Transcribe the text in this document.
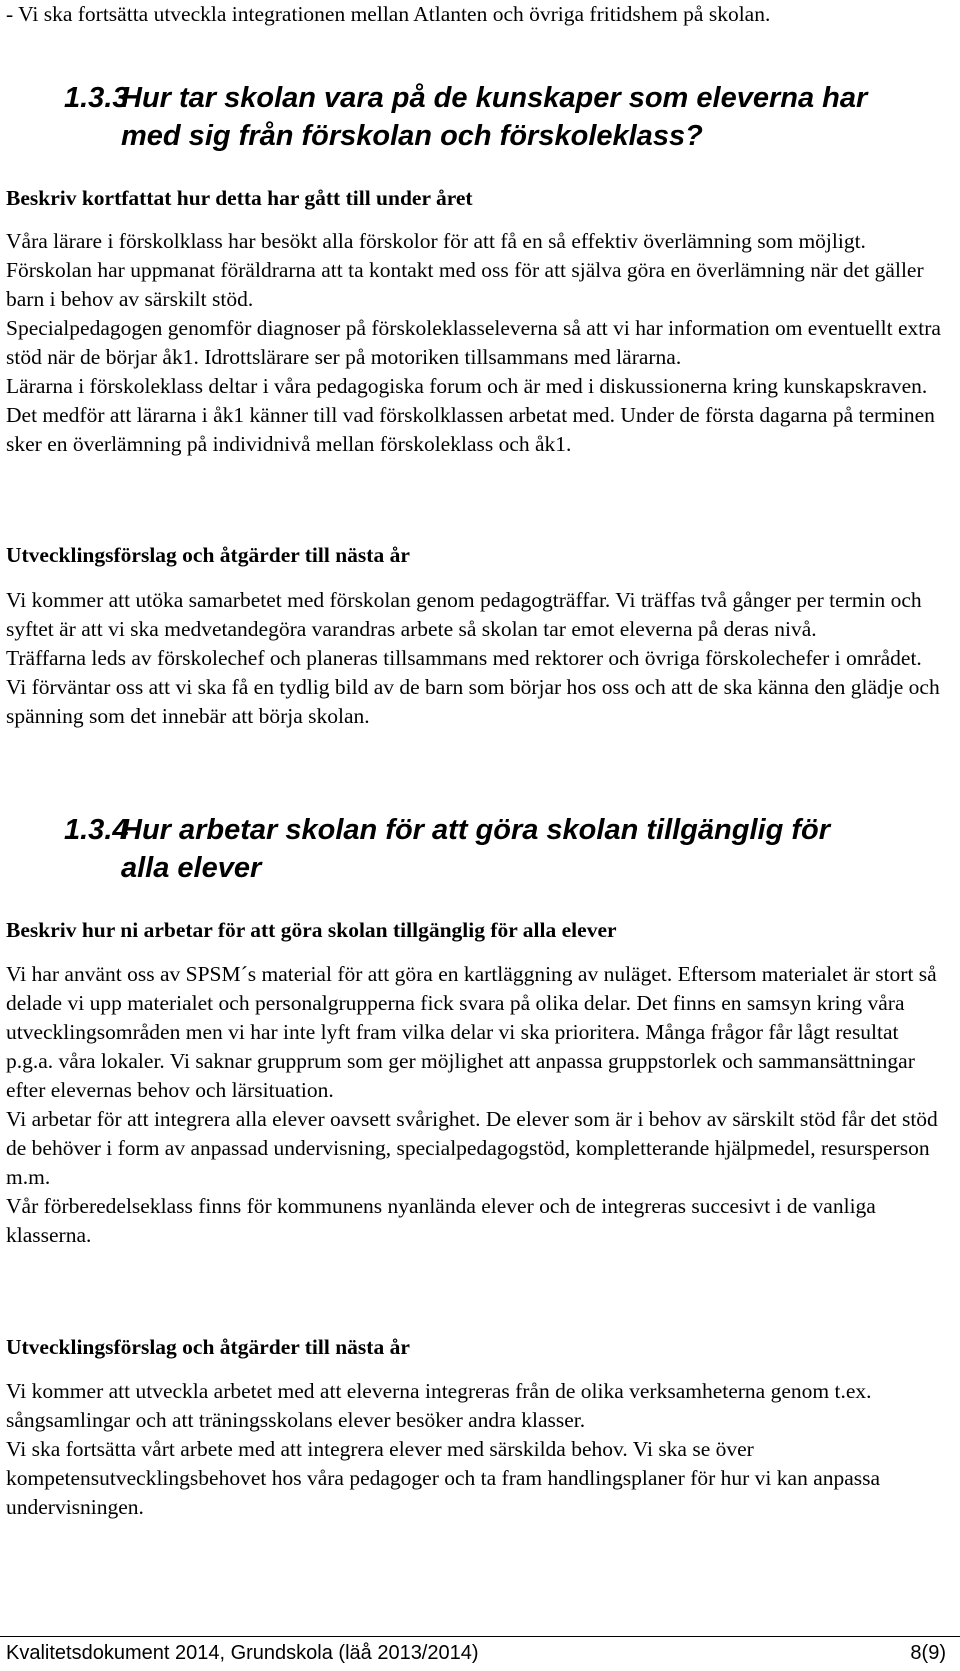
- Vi ska fortsätta utveckla integrationen mellan Atlanten och övriga fritidshem på skolan.

1.3.3
Hur tar skolan vara på de kunskaper som eleverna har med sig från förskolan och förskoleklass?

Beskriv kortfattat hur detta har gått till under året

Våra lärare i förskolklass har besökt alla förskolor för att få en så effektiv överlämning som möjligt. Förskolan har uppmanat föräldrarna att ta kontakt med oss för att själva göra en överlämning när det gäller barn i behov av särskilt stöd.

Specialpedagogen genomför diagnoser på förskoleklasseleverna så att vi har information om eventuellt extra stöd när de börjar åk1. Idrottslärare ser på motoriken tillsammans med lärarna.

Lärarna i förskoleklass deltar i våra pedagogiska forum och är med i diskussionerna kring kunskapskraven. Det medför att lärarna i åk1 känner till vad förskolklassen arbetat med. Under de första dagarna på terminen sker en överlämning på individnivå mellan förskoleklass och åk1.

Utvecklingsförslag och åtgärder till nästa år

Vi kommer att utöka samarbetet med förskolan genom pedagogträffar. Vi träffas två gånger per termin och syftet är att vi ska medvetandegöra varandras arbete så skolan tar emot eleverna på deras nivå.

Träffarna leds av förskolechef och planeras tillsammans med rektorer och övriga förskolechefer i området.

Vi förväntar oss att vi ska få en tydlig bild av de barn som börjar hos oss och att de ska känna den glädje och spänning som det innebär att börja skolan.

1.3.4
Hur arbetar skolan för att göra skolan tillgänglig för alla elever

Beskriv hur ni arbetar för att göra skolan tillgänglig för alla elever

Vi har använt oss av SPSM´s material för att göra en kartläggning av nuläget. Eftersom materialet är stort så delade vi upp materialet och personalgrupperna fick svara på olika delar. Det finns en samsyn kring våra utvecklingsområden men vi har inte lyft fram vilka delar vi ska prioritera. Många frågor får lågt resultat p.g.a. våra lokaler. Vi saknar grupprum som ger möjlighet att anpassa gruppstorlek och sammansättningar efter elevernas behov och lärsituation.

Vi arbetar för att integrera alla elever oavsett svårighet. De elever som är i behov av särskilt stöd får det stöd de behöver i form av anpassad undervisning, specialpedagogstöd, kompletterande hjälpmedel, resursperson m.m.

Vår förberedelseklass finns för kommunens nyanlända elever och de integreras succesivt i de vanliga klasserna.

Utvecklingsförslag och åtgärder till nästa år

Vi kommer att utveckla arbetet med att eleverna integreras från de olika verksamheterna genom t.ex. sångsamlingar och att träningsskolans elever besöker andra klasser.

Vi ska fortsätta vårt arbete med att integrera elever med särskilda behov. Vi ska se över kompetensutvecklingsbehovet hos våra pedagoger och ta fram handlingsplaner för hur vi kan anpassa undervisningen.

Kvalitetsdokument 2014, Grundskola (läå 2013/2014)	8(9)
